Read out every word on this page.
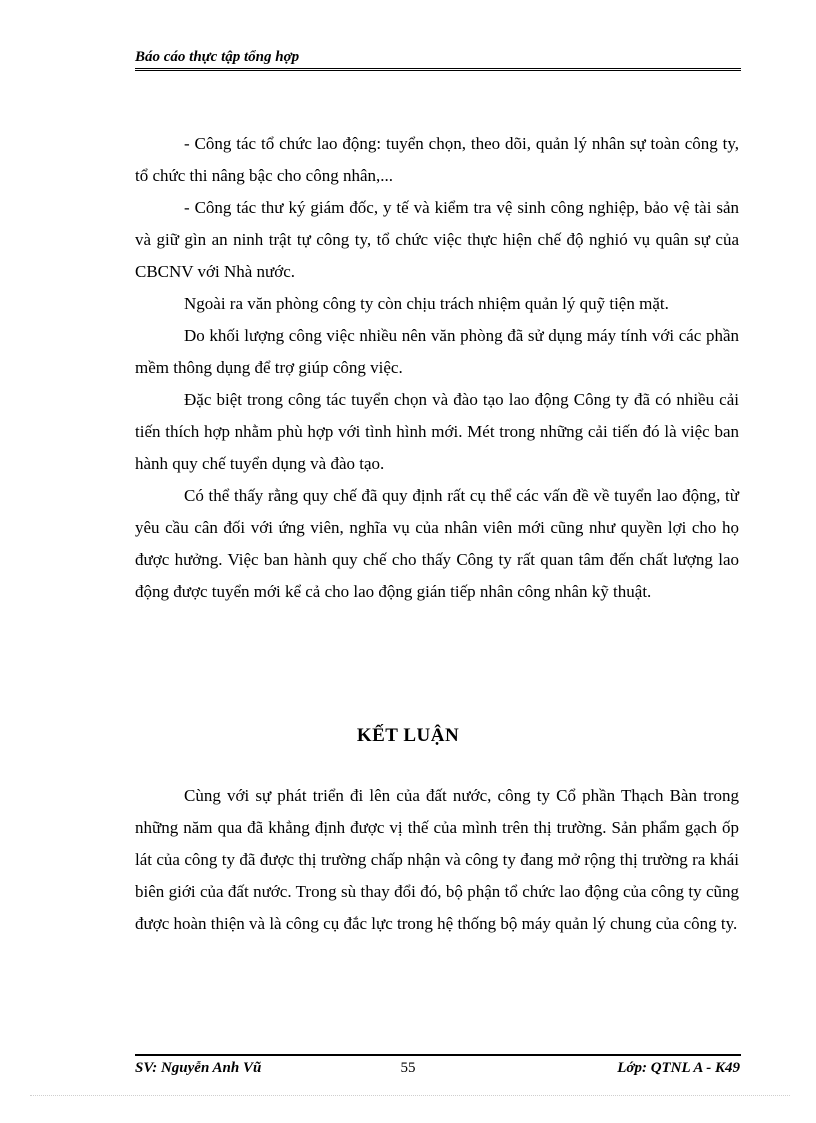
Báo cáo thực tập tổng hợp

- Công tác tổ chức lao động: tuyển chọn, theo dõi, quản lý nhân sự toàn công ty, tổ chức thi nâng bậc cho công nhân,...

- Công tác thư ký giám đốc, y tế và kiểm tra vệ sinh công nghiệp, bảo vệ tài sản và giữ gìn an ninh trật tự công ty, tổ chức việc thực hiện chế độ nghió vụ quân sự của CBCNV với Nhà nước.

Ngoài ra văn phòng công ty còn chịu trách nhiệm quản lý quỹ tiện mặt.

Do khối lượng công việc nhiều nên văn phòng đã sử dụng máy tính với các phần mềm thông dụng để trợ giúp công việc.

Đặc biệt trong công tác tuyển chọn và đào tạo lao động Công ty đã có nhiều cải tiến thích hợp nhằm phù hợp với tình hình mới. Mét trong những cải tiến đó là việc ban hành quy chế tuyển dụng và đào tạo.

Có thể thấy rằng quy chế đã quy định rất cụ thể các vấn đề về tuyển lao động, từ yêu cầu cân đối với ứng viên, nghĩa vụ của nhân viên mới cũng như quyền lợi cho họ được hưởng. Việc ban hành quy chế cho thấy Công ty rất quan tâm đến chất lượng lao động được tuyển mới kể cả cho lao động gián tiếp nhân công nhân kỹ thuật.

KẾT LUẬN

Cùng với sự phát triển đi lên của đất nước, công ty Cổ phần Thạch Bàn trong những năm qua đã khẳng định được vị thế của mình trên thị trường. Sản phẩm gạch ốp lát của công ty đã được thị trường chấp nhận và công ty đang mở rộng thị trường ra khái biên giới của đất nước. Trong sù thay đổi đó, bộ phận tổ chức lao động của công ty cũng được hoàn thiện và là công cụ đắc lực trong hệ thống bộ máy quản lý chung của công ty.

SV: Nguyễn Anh Vũ	55	Lớp: QTNL A - K49
